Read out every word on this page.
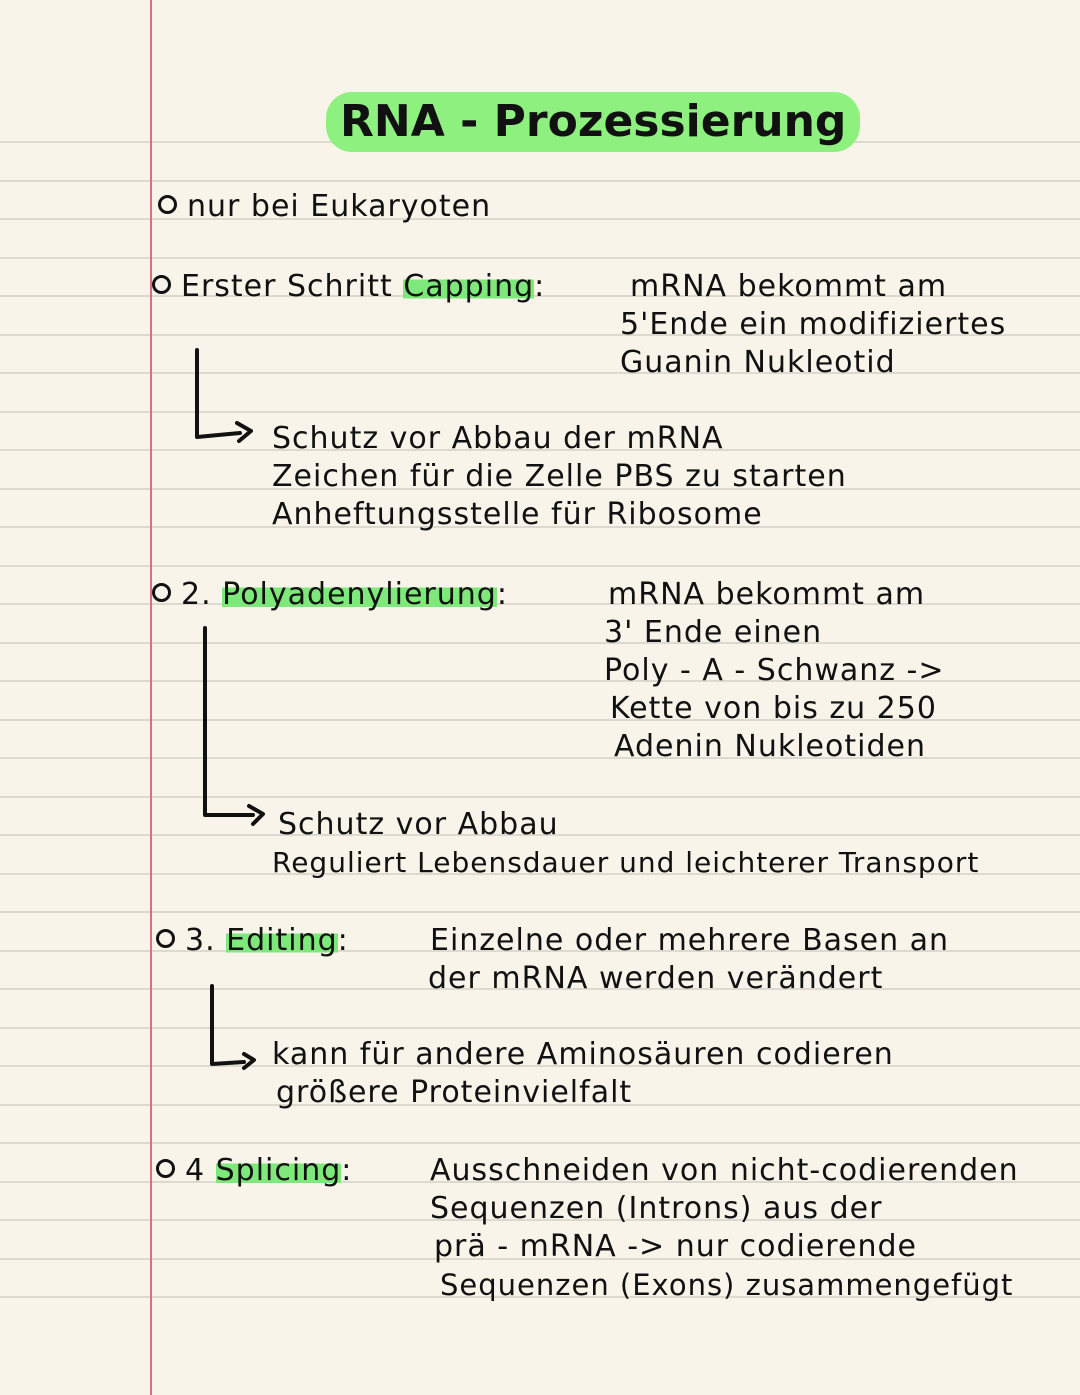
RNA - Prozessierung
nur bei Eukaryoten
Erster Schritt Capping:	mRNA bekommt am
5'Ende ein modifiziertes
Guanin Nukleotid
Schutz vor Abbau der mRNA
Zeichen für die Zelle PBS zu starten
Anheftungsstelle für Ribosome
2. Polyadenylierung:	mRNA bekommt am
3' Ende einen
Poly - A - Schwanz ->
Kette von bis zu 250
Adenin Nukleotiden
Schutz vor Abbau
Reguliert Lebensdauer und leichterer Transport
3. Editing:	Einzelne oder mehrere Basen an
der mRNA werden verändert
kann für andere Aminosäuren codieren
größere Proteinvielfalt
4 Splicing:	Ausschneiden von nicht-codierenden
Sequenzen (Introns) aus der
prä - mRNA -> nur codierende
Sequenzen (Exons) zusammengefügt
